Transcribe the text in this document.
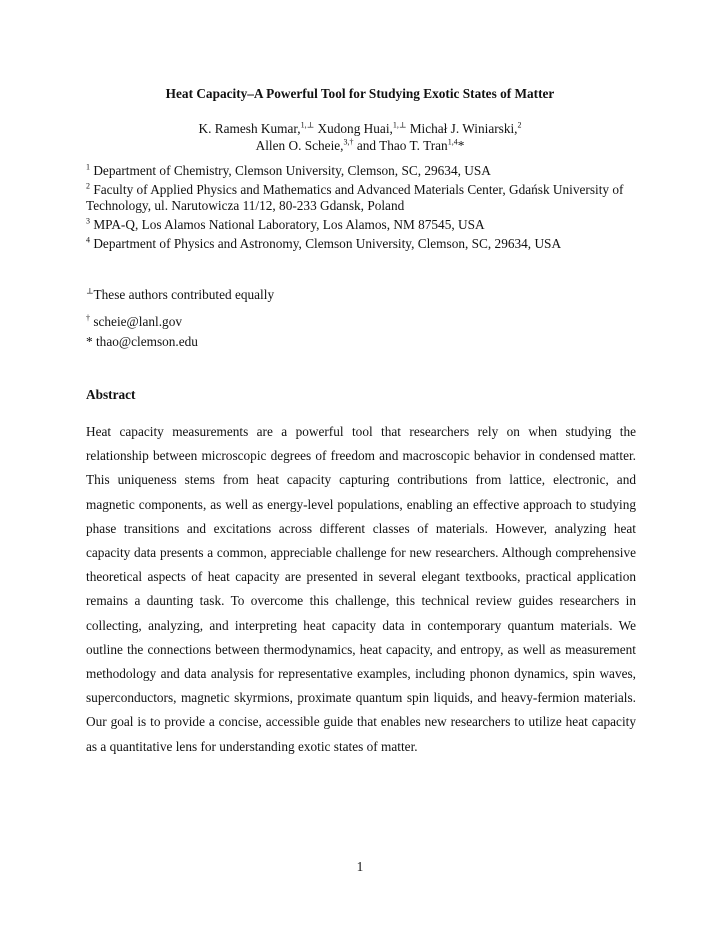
Heat Capacity‒A Powerful Tool for Studying Exotic States of Matter
K. Ramesh Kumar,$^{1,\perp}$ Xudong Huai,$^{1,\perp}$ Michał J. Winiarski,$^2$
Allen O. Scheie,$^{3,\dagger}$ and Thao T. Tran$^{1,4}$*
$^1$ Department of Chemistry, Clemson University, Clemson, SC, 29634, USA
$^2$ Faculty of Applied Physics and Mathematics and Advanced Materials Center, Gdańsk University of Technology, ul. Narutowicza 11/12, 80-233 Gdansk, Poland
$^3$ MPA-Q, Los Alamos National Laboratory, Los Alamos, NM 87545, USA
$^4$ Department of Physics and Astronomy, Clemson University, Clemson, SC, 29634, USA
⊥These authors contributed equally
† scheie@lanl.gov
* thao@clemson.edu
Abstract

Heat capacity measurements are a powerful tool that researchers rely on when studying the relationship between microscopic degrees of freedom and macroscopic behavior in condensed matter. This uniqueness stems from heat capacity capturing contributions from lattice, electronic, and magnetic components, as well as energy-level populations, enabling an effective approach to studying phase transitions and excitations across different classes of materials. However, analyzing heat capacity data presents a common, appreciable challenge for new researchers. Although comprehensive theoretical aspects of heat capacity are presented in several elegant textbooks, practical application remains a daunting task. To overcome this challenge, this technical review guides researchers in collecting, analyzing, and interpreting heat capacity data in contemporary quantum materials. We outline the connections between thermodynamics, heat capacity, and entropy, as well as measurement methodology and data analysis for representative examples, including phonon dynamics, spin waves, superconductors, magnetic skyrmions, proximate quantum spin liquids, and heavy-fermion materials. Our goal is to provide a concise, accessible guide that enables new researchers to utilize heat capacity as a quantitative lens for understanding exotic states of matter.

1
